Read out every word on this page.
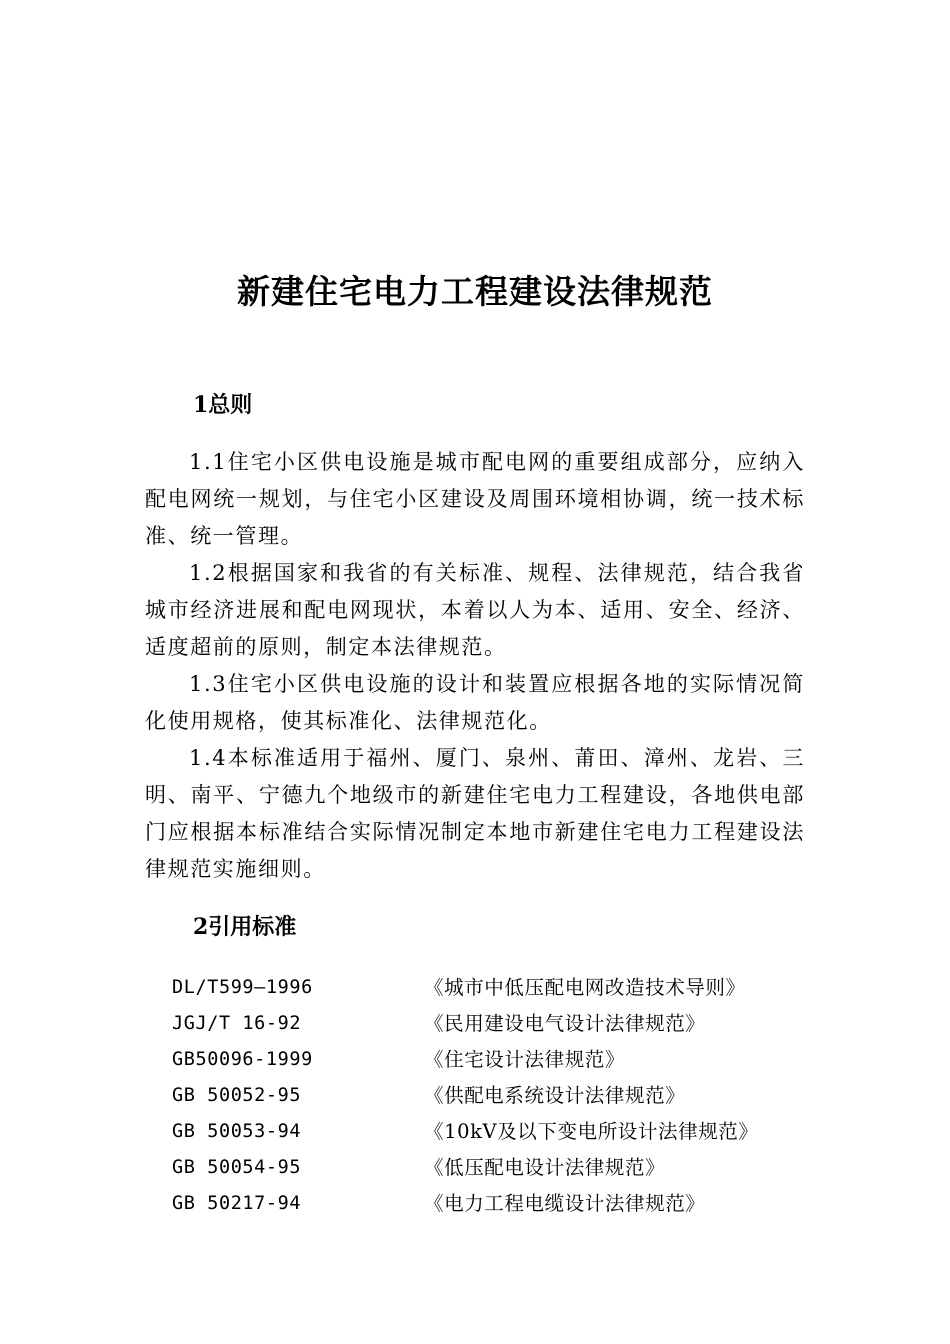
新建住宅电力工程建设法律规范
1总则

1.1住宅小区供电设施是城市配电网的重要组成部分，应纳入配电网统一规划，与住宅小区建设及周围环境相协调，统一技术标准、统一管理。

1.2根据国家和我省的有关标准、规程、法律规范，结合我省城市经济进展和配电网现状，本着以人为本、适用、安全、经济、适度超前的原则，制定本法律规范。

1.3住宅小区供电设施的设计和装置应根据各地的实际情况简化使用规格，使其标准化、法律规范化。

1.4本标准适用于福州、厦门、泉州、莆田、漳州、龙岩、三明、南平、宁德九个地级市的新建住宅电力工程建设，各地供电部门应根据本标准结合实际情况制定本地市新建住宅电力工程建设法律规范实施细则。

2引用标准
DL/T599—1996	《城市中低压配电网改造技术导则》
JGJ/T 16-92	《民用建设电气设计法律规范》
GB50096-1999	《住宅设计法律规范》
GB 50052-95	《供配电系统设计法律规范》
GB 50053-94	《10kV及以下变电所设计法律规范》
GB 50054-95	《低压配电设计法律规范》
GB 50217-94	《电力工程电缆设计法律规范》
